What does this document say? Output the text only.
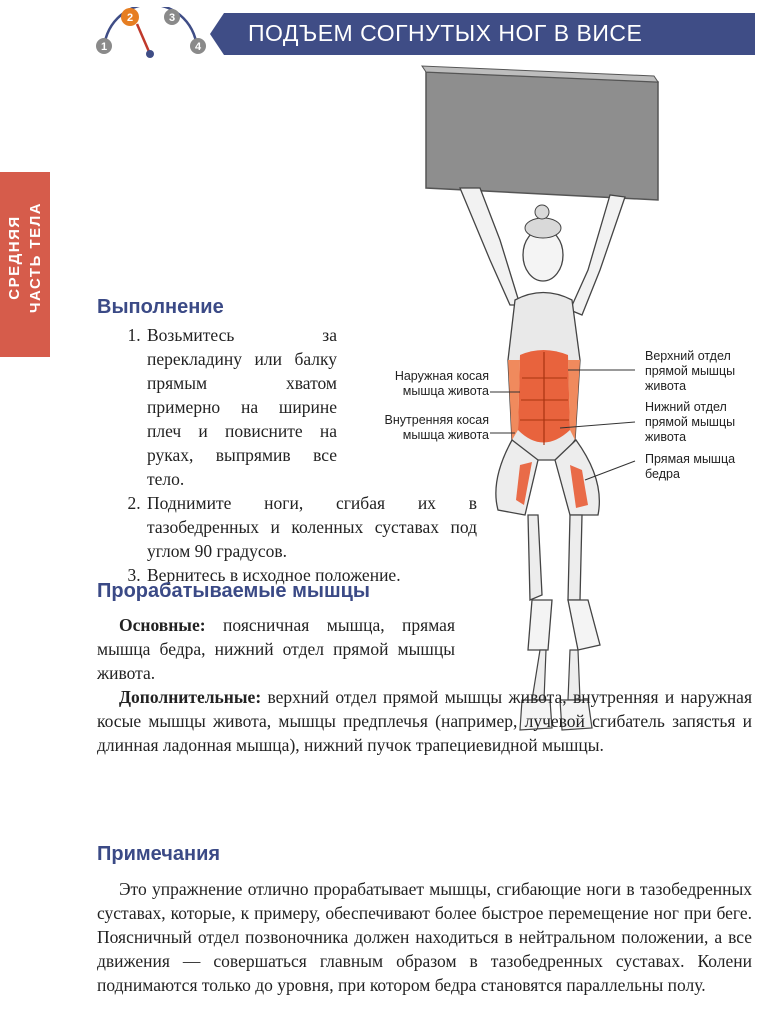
1
2	3
4
ПОДЪЕМ СОГНУТЫХ НОГ В ВИСЕ
СРЕДНЯЯ ЧАСТЬ ТЕЛА
Наружная косая мышца живота
Внутренняя косая мышца живота
Верхний отдел прямой мышцы живота
Нижний отдел прямой мышцы живота
Прямая мышца бедра
Выполнение
1. Возьмитесь за перекладину или балку прямым хватом примерно на ширине плеч и повисните на руках, выпрямив все тело.
2. Поднимите ноги, сгибая их в тазобедренных и коленных суставах под углом 90 градусов.
3. Вернитесь в исходное положение.
Прорабатываемые мышцы
Основные: поясничная мышца, прямая мышца бедра, нижний отдел прямой мышцы живота.
Дополнительные: верхний отдел прямой мышцы живота, внутренняя и наружная косые мышцы живота, мышцы предплечья (например, лучевой сгибатель запястья и длинная ладонная мышца), нижний пучок трапециевидной мышцы.
Примечания
Это упражнение отлично прорабатывает мышцы, сгибающие ноги в тазобедренных суставах, которые, к примеру, обеспечивают более быстрое перемещение ног при беге. Поясничный отдел позвоночника должен находиться в нейтральном положении, а все движения — совершаться главным образом в тазобедренных суставах. Колени поднимаются только до уровня, при котором бедра становятся параллельны полу.
